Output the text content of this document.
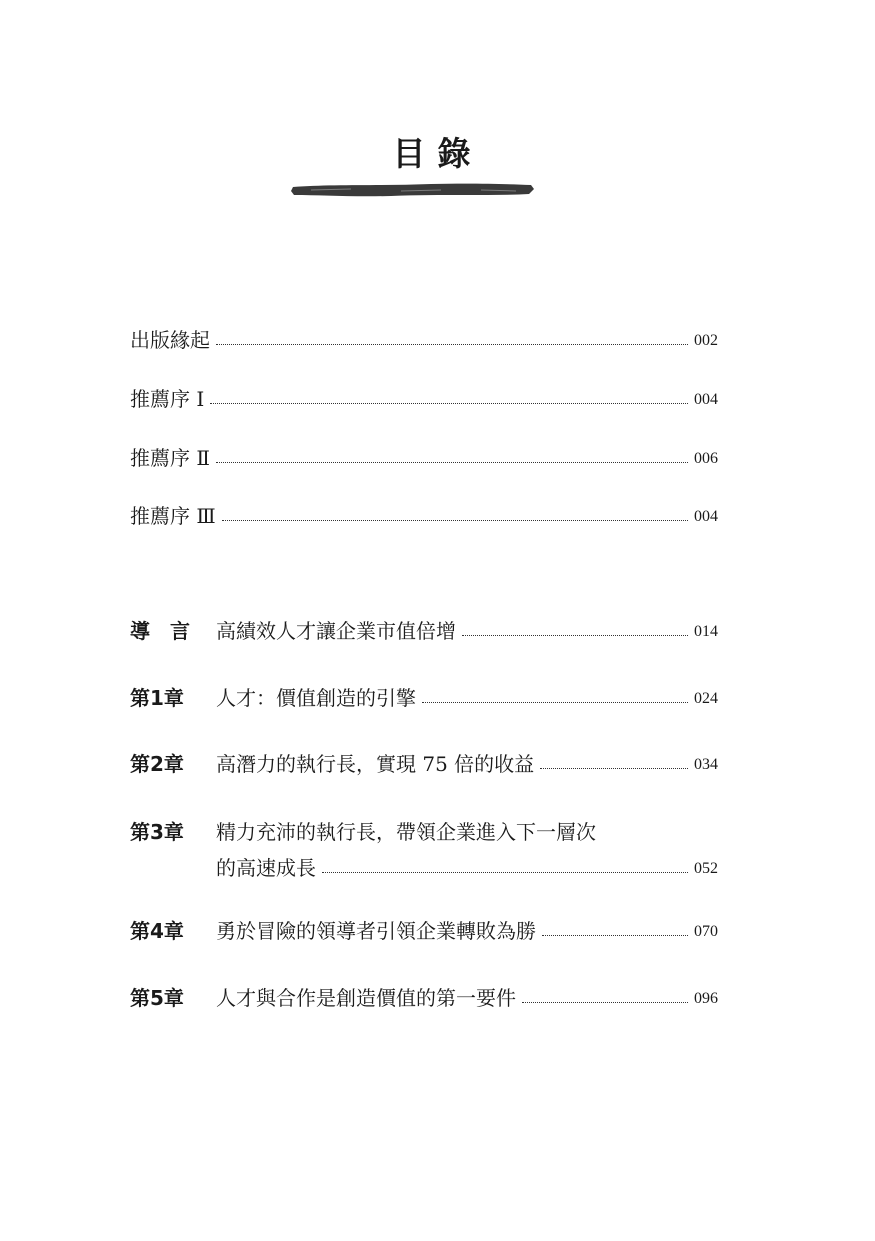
目錄
出版緣起	002
推薦序 Ⅰ	004
推薦序 Ⅱ	006
推薦序 Ⅲ	004
導　言	高績效人才讓企業市值倍增	014
第1章	人才：價值創造的引擎	024
第2章	高潛力的執行長，實現 75 倍的收益	034
第3章	精力充沛的執行長，帶領企業進入下一層次
的高速成長	052
第4章	勇於冒險的領導者引領企業轉敗為勝	070
第5章	人才與合作是創造價值的第一要件	096
